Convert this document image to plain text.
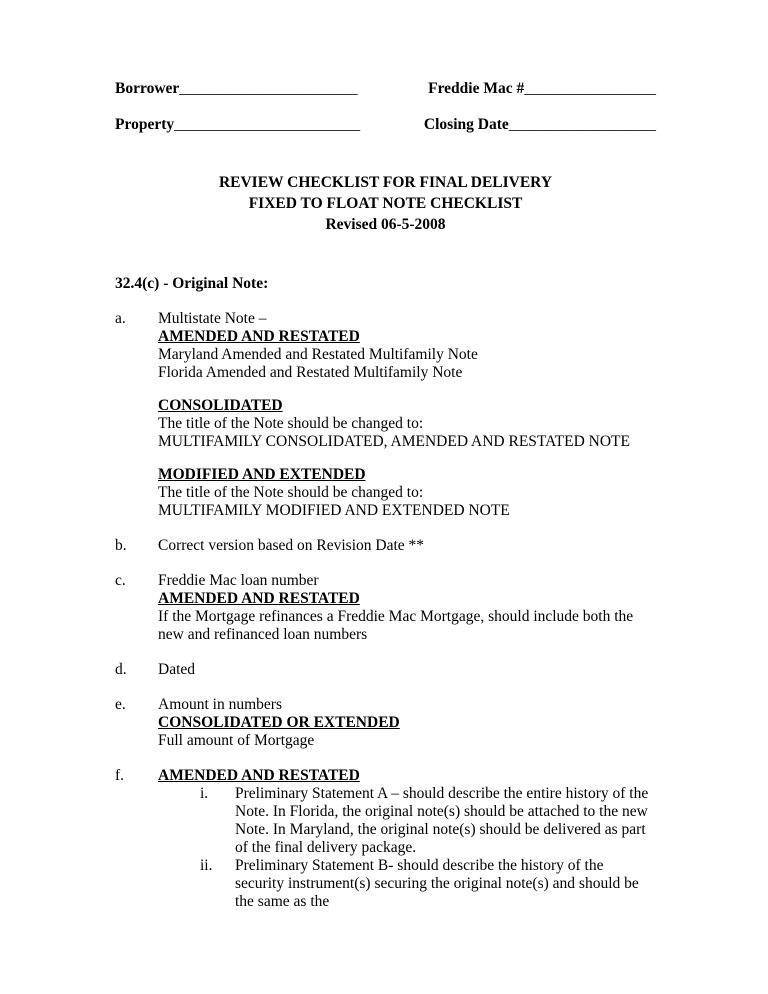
Borrower_______________________	Freddie Mac #_________________
Property________________________	Closing Date___________________
REVIEW CHECKLIST FOR FINAL DELIVERY
FIXED TO FLOAT NOTE CHECKLIST
Revised 06-5-2008
32.4(c) - Original Note:
a.	Multistate Note –
AMENDED AND RESTATED
Maryland Amended and Restated Multifamily Note
Florida Amended and Restated Multifamily Note
CONSOLIDATED
The title of the Note should be changed to:
MULTIFAMILY CONSOLIDATED, AMENDED AND RESTATED NOTE
MODIFIED AND EXTENDED
The title of the Note should be changed to:
MULTIFAMILY MODIFIED AND EXTENDED NOTE
b.	Correct version based on Revision Date **
c.	Freddie Mac loan number
AMENDED AND RESTATED
If the Mortgage refinances a Freddie Mac Mortgage, should include both the new and refinanced loan numbers
d.	Dated
e.	Amount in numbers
CONSOLIDATED OR EXTENDED
Full amount of Mortgage
f.	AMENDED AND RESTATED
i.	Preliminary Statement A – should describe the entire history of the Note. In Florida, the original note(s) should be attached to the new Note. In Maryland, the original note(s) should be delivered as part of the final delivery package.
ii.	Preliminary Statement B- should describe the history of the security instrument(s) securing the original note(s) and should be the same as the
